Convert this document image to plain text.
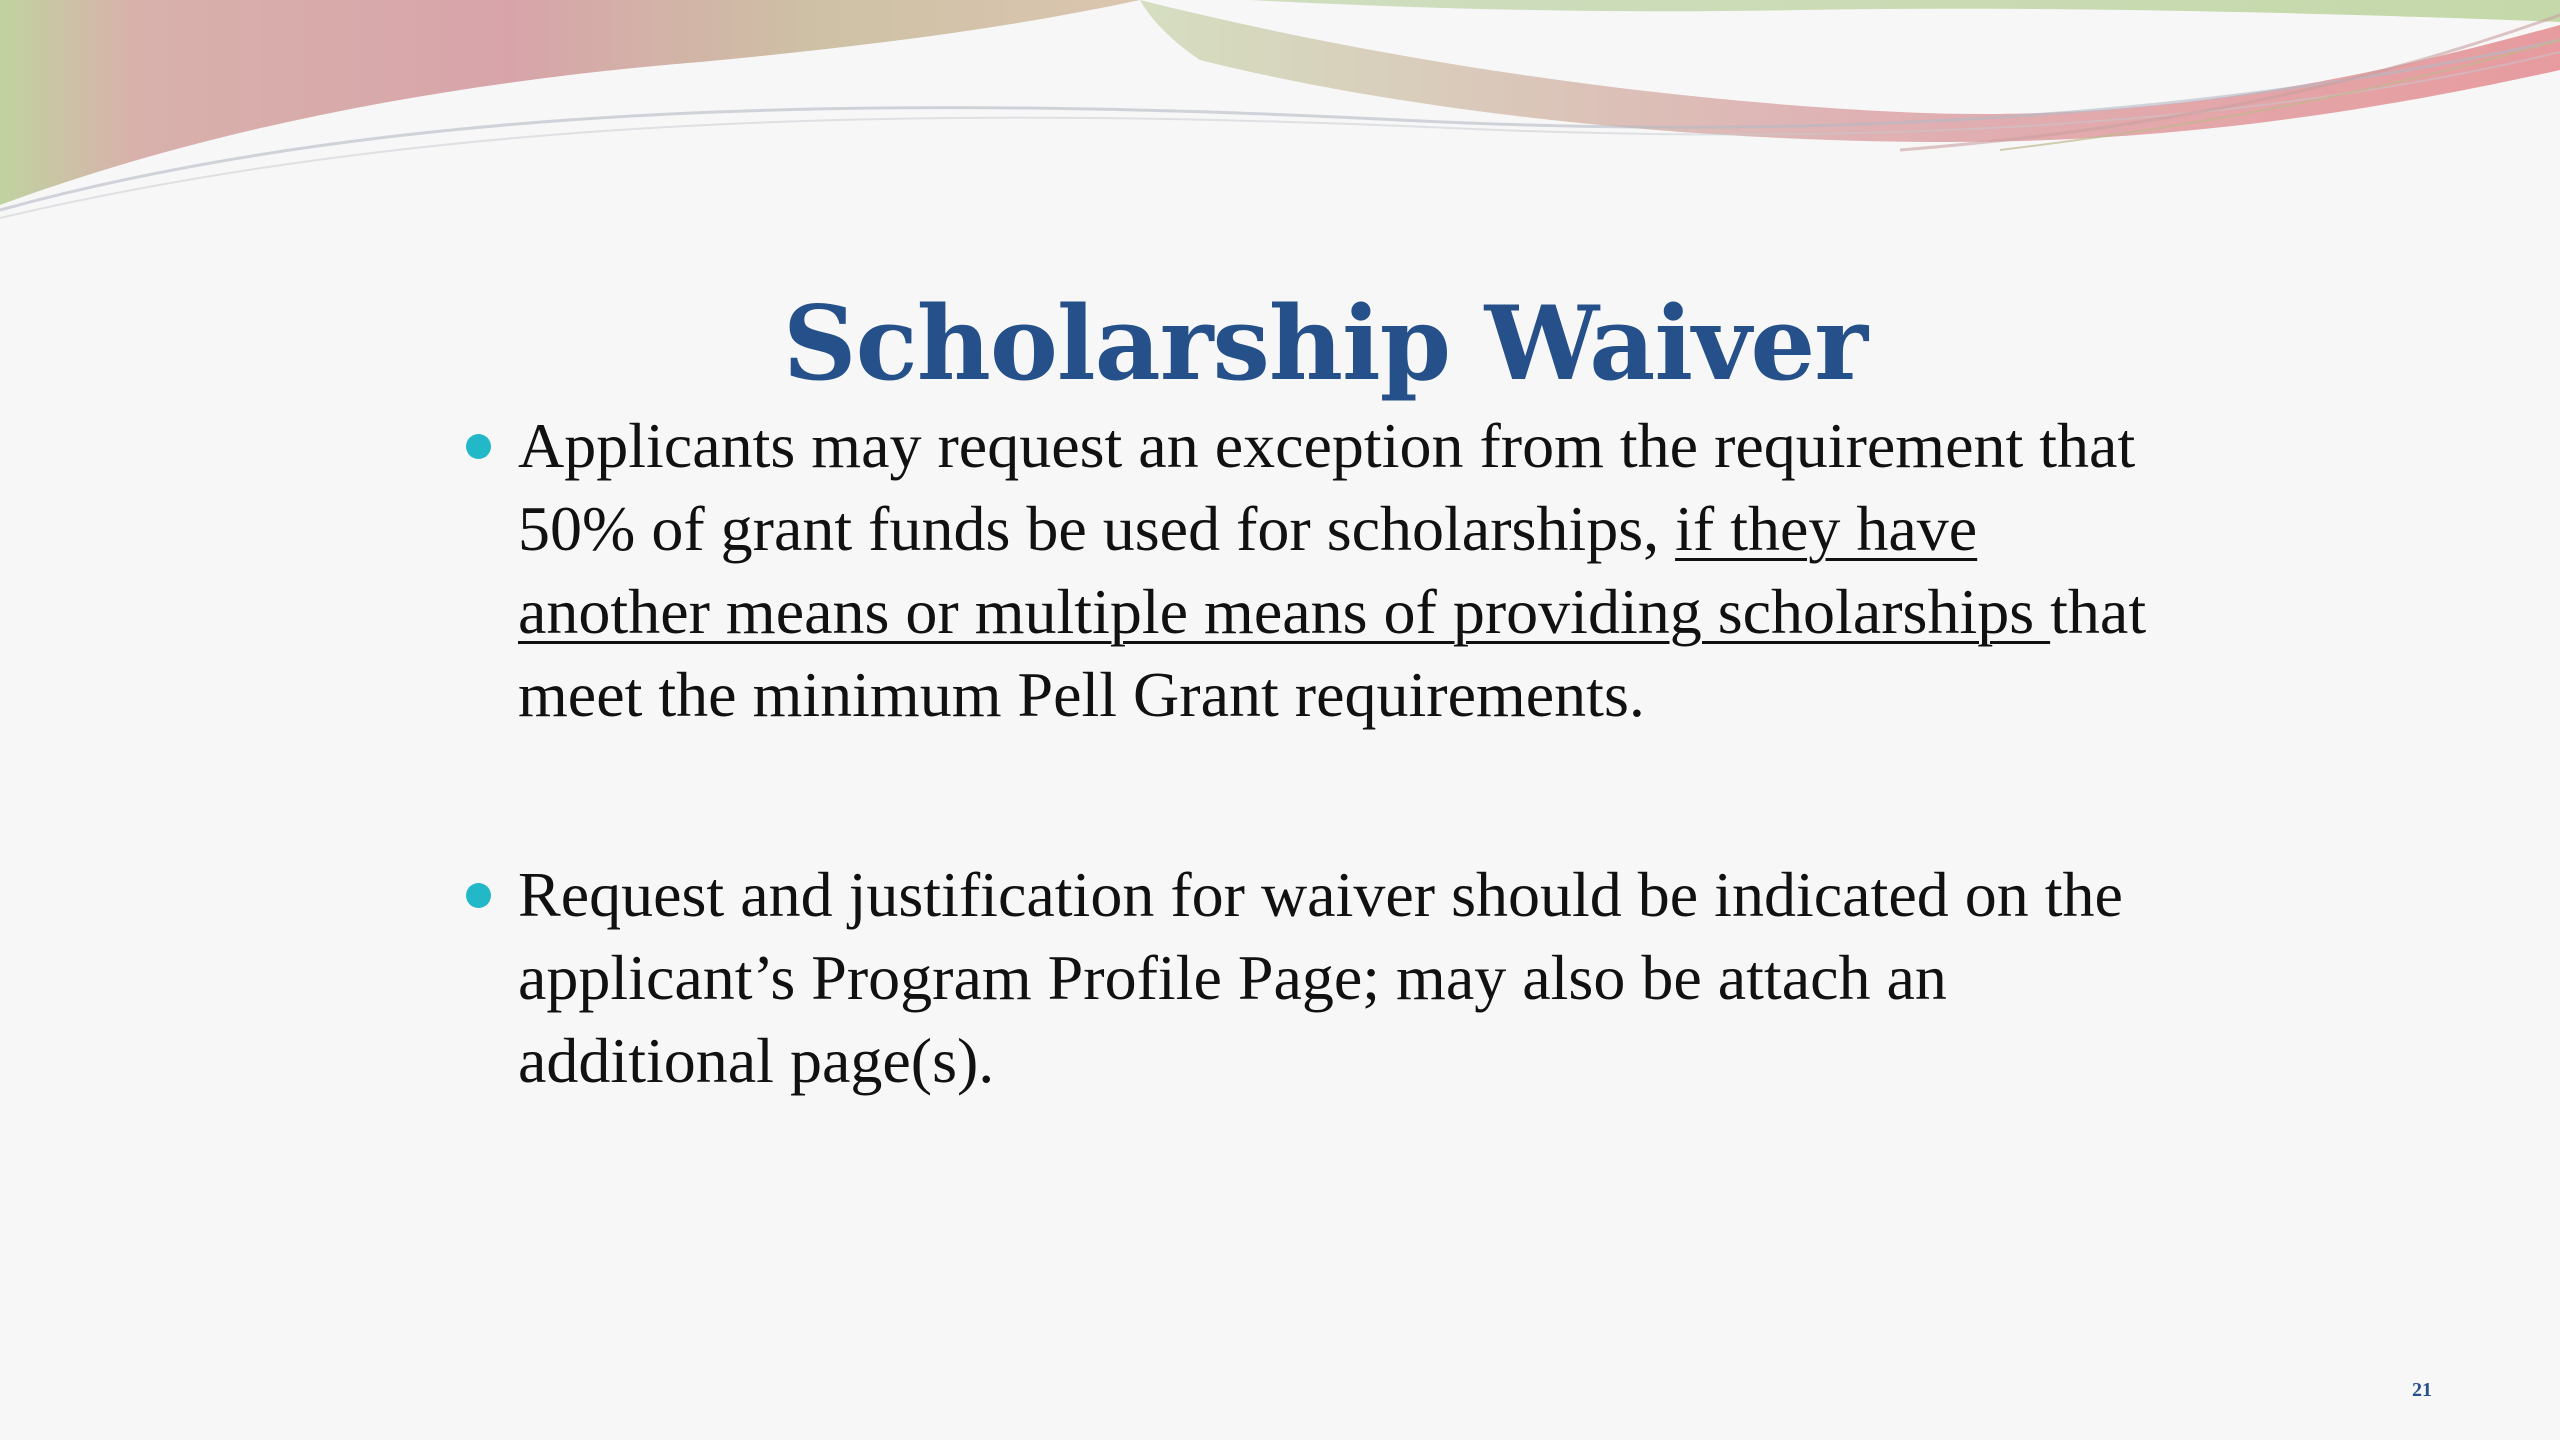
Scholarship Waiver
Applicants may request an exception from the requirement that 50% of grant funds be used for scholarships, if they have another means or multiple means of providing scholarships that meet the minimum Pell Grant requirements.
Request and justification for waiver should be indicated on the applicant’s Program Profile Page; may also be attach an additional page(s).
21
